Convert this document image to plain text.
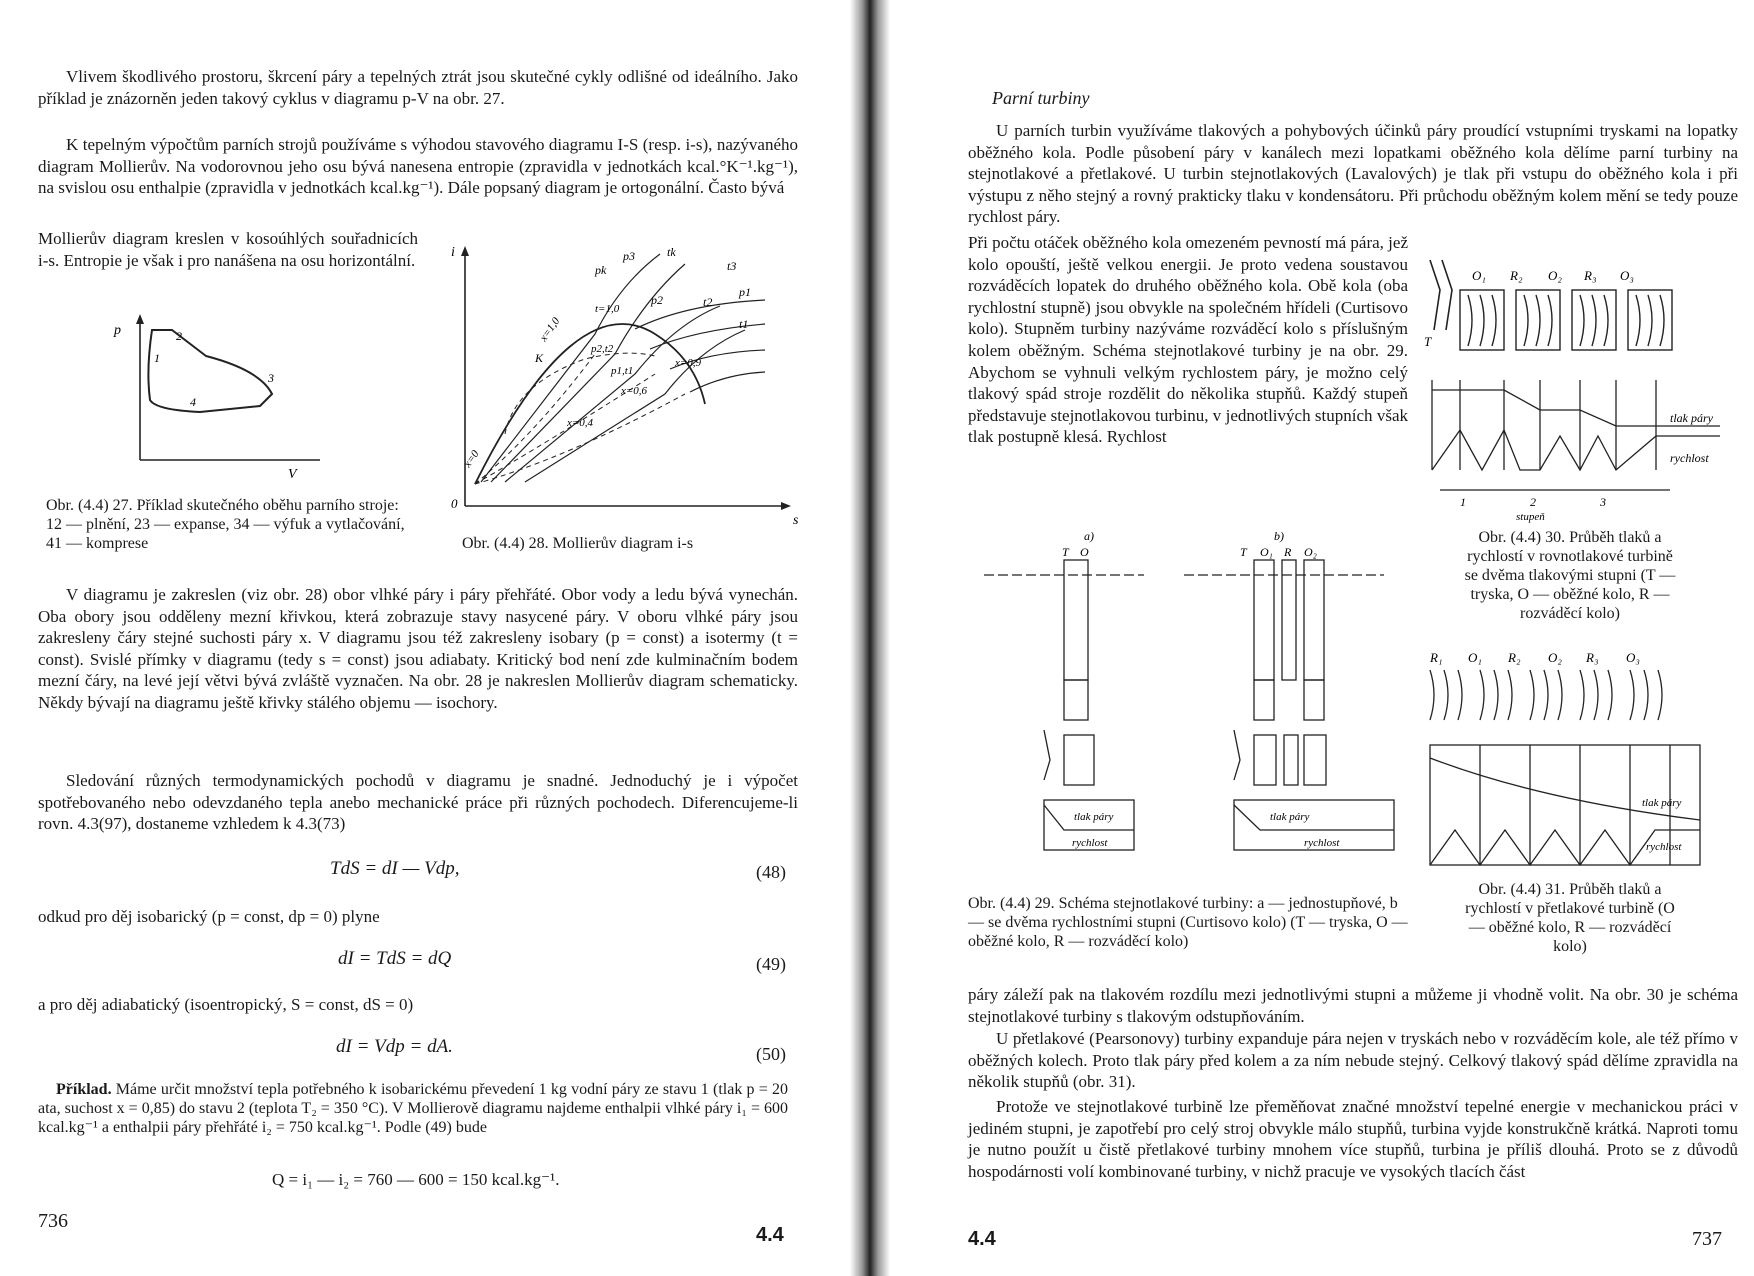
Vlivem škodlivého prostoru, škrcení páry a tepelných ztrát jsou skutečné cykly odlišné od ideálního. Jako příklad je znázorněn jeden takový cyklus v diagramu p-V na obr. 27.

K tepelným výpočtům parních strojů používáme s výhodou stavového diagramu I-S (resp. i-s), nazývaného diagram Mollierův. Na vodorovnou jeho osu bývá nanesena entropie (zpravidla v jednotkách kcal.°K⁻¹.kg⁻¹), na svislou osu enthalpie (zpravidla v jednotkách kcal.kg⁻¹). Dále popsaný diagram je ortogonální. Často bývá

Mollierův diagram kreslen v kosoúhlých souřadnicích i-s. Entropie je však i pro nanášena na osu horizontální.

p
V
1
2
3
4

Obr. (4.4) 27. Příklad skutečného oběhu parního stroje: 12 — plnění, 23 — expanse, 34 — výfuk a vytlačování, 41 — komprese

0
i
s
pk
p3	tk
t3
p2	t2
p1
t1
K
x=1,0
x=0
t=1,0
p2,t2
p1,t1
x=0,9
x=0,6
x=0,4

Obr. (4.4) 28. Mollierův diagram i-s

V diagramu je zakreslen (viz obr. 28) obor vlhké páry i páry přehřáté. Obor vody a ledu bývá vynechán. Oba obory jsou odděleny mezní křivkou, která zobrazuje stavy nasycené páry. V oboru vlhké páry jsou zakresleny čáry stejné suchosti páry x. V diagramu jsou též zakresleny isobary (p = const) a isotermy (t = const). Svislé přímky v diagramu (tedy s = const) jsou adiabaty. Kritický bod není zde kulminačním bodem mezní čáry, na levé její větvi bývá zvláště vyznačen. Na obr. 28 je nakreslen Mollierův diagram schematicky. Někdy bývají na diagramu ještě křivky stálého objemu — isochory.

Sledování různých termodynamických pochodů v diagramu je snadné. Jednoduchý je i výpočet spotřebovaného nebo odevzdaného tepla anebo mechanické práce při různých pochodech. Diferencujeme-li rovn. 4.3(97), dostaneme vzhledem k 4.3(73)

TdS = dI — Vdp,	(48)

odkud pro děj isobarický (p = const, dp = 0) plyne

dI = TdS = dQ	(49)

a pro děj adiabatický (isoentropický, S = const, dS = 0)

dI = Vdp = dA.	(50)
Příklad. Máme určit množství tepla potřebného k isobarickému převedení 1 kg vodní páry ze stavu 1 (tlak p = 20 ata, suchost x = 0,85) do stavu 2 (teplota T₂ = 350 °C). V Mollierově diagramu najdeme enthalpii vlhké páry i₁ = 600 kcal.kg⁻¹ a enthalpii páry přehřáté i₂ = 750 kcal.kg⁻¹. Podle (49) bude
Q = i₁ — i₂ = 760 — 600 = 150 kcal.kg⁻¹.
736
4.4
Parní turbiny

U parních turbin využíváme tlakových a pohybových účinků páry proudící vstupními tryskami na lopatky oběžného kola. Podle působení páry v kanálech mezi lopatkami oběžného kola dělíme parní turbiny na stejnotlakové a přetlakové. U turbin stejnotlakových (Lavalových) je tlak při vstupu do oběžného kola i při výstupu z něho stejný a rovný prakticky tlaku v kondensátoru. Při průchodu oběžným kolem mění se tedy pouze rychlost páry.

Při počtu otáček oběžného kola omezeném pevností má pára, jež kolo opouští, ještě velkou energii. Je proto vedena soustavou rozváděcích lopatek do druhého oběžného kola. Obě kola (oba rychlostní stupně) jsou obvykle na společném hřídeli (Curtisovo kolo). Stupněm turbiny nazýváme rozváděcí kolo s příslušným kolem oběžným. Schéma stejnotlakové turbiny je na obr. 29. Abychom se vyhnuli velkým rychlostem páry, je možno celý tlakový spád stroje rozdělit do několika stupňů. Každý stupeň představuje stejnotlakovou turbinu, v jednotlivých stupních však tlak postupně klesá. Rychlost

O₁ R₂ O₂ R₃ O₃
T
tlak páry
rychlost
1	2	3
stupeň

Obr. (4.4) 30. Průběh tlaků a rychlostí v rovnotlakové turbině se dvěma tlakovými stupni (T — tryska, O — oběžné kolo, R — rozváděcí kolo)

a)	b)
T O	T O₁ R O₂
tlak páry
rychlost
tlak páry
rychlost

Obr. (4.4) 29. Schéma stejnotlakové turbiny: a — jednostupňové, b — se dvěma rychlostními stupni (Curtisovo kolo) (T — tryska, O — oběžné kolo, R — rozváděcí kolo)

R₁ O₁ R₂ O₂ R₃ O₃
tlak páry
rychlost

Obr. (4.4) 31. Průběh tlaků a rychlostí v přetlakové turbině (O — oběžné kolo, R — rozváděcí kolo)

páry záleží pak na tlakovém rozdílu mezi jednotlivými stupni a můžeme ji vhodně volit. Na obr. 30 je schéma stejnotlakové turbiny s tlakovým odstupňováním.

U přetlakové (Pearsonovy) turbiny expanduje pára nejen v tryskách nebo v rozváděcím kole, ale též přímo v oběžných kolech. Proto tlak páry před kolem a za ním nebude stejný. Celkový tlakový spád dělíme zpravidla na několik stupňů (obr. 31).

Protože ve stejnotlakové turbině lze přeměňovat značné množství tepelné energie v mechanickou práci v jediném stupni, je zapotřebí pro celý stroj obvykle málo stupňů, turbina vyjde konstrukčně krátká. Naproti tomu je nutno použít u čistě přetlakové turbiny mnohem více stupňů, turbina je příliš dlouhá. Proto se z důvodů hospodárnosti volí kombinované turbiny, v nichž pracuje ve vysokých tlacích část

4.4	737
